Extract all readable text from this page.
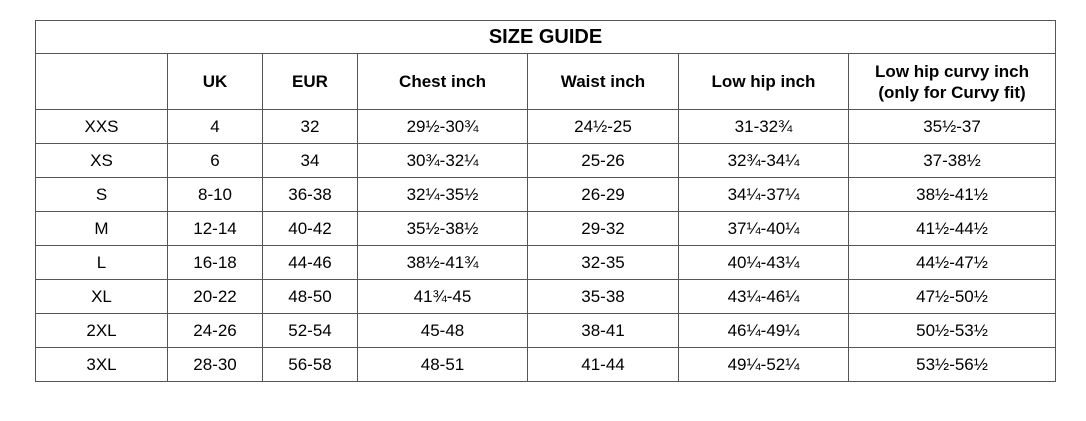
SIZE GUIDE						
	UK	EUR	Chest inch	Waist inch	Low hip inch	Low hip curvy inch
(only for Curvy fit)
XXS	4	32	29½-30¾	24½-25	31-32¾	35½-37
XS	6	34	30¾-32¼	25-26	32¾-34¼	37-38½
S	8-10	36-38	32¼-35½	26-29	34¼-37¼	38½-41½
M	12-14	40-42	35½-38½	29-32	37¼-40¼	41½-44½
L	16-18	44-46	38½-41¾	32-35	40¼-43¼	44½-47½
XL	20-22	48-50	41¾-45	35-38	43¼-46¼	47½-50½
2XL	24-26	52-54	45-48	38-41	46¼-49¼	50½-53½
3XL	28-30	56-58	48-51	41-44	49¼-52¼	53½-56½
